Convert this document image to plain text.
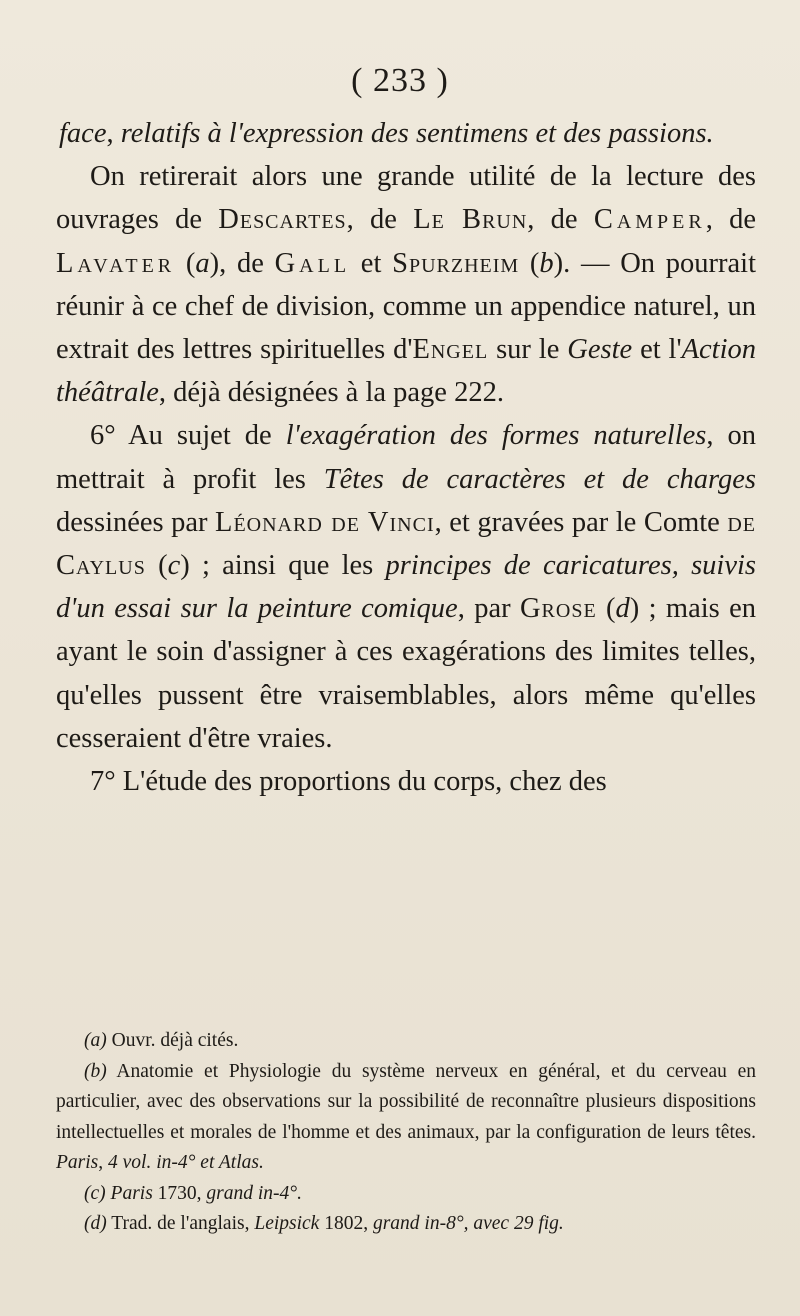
( 233 )

face, relatifs à l'expression des sentimens et des passions.

On retirerait alors une grande utilité de la lecture des ouvrages de Descartes, de Le Brun, de Camper, de Lavater (a), de Gall et Spurzheim (b). — On pourrait réunir à ce chef de division, comme un appendice naturel, un extrait des lettres spirituelles d'Engel sur le Geste et l'Action théâtrale, déjà désignées à la page 222.

6° Au sujet de l'exagération des formes naturelles, on mettrait à profit les Têtes de caractères et de charges dessinées par Léonard de Vinci, et gravées par le Comte de Caylus (c) ; ainsi que les principes de caricatures, suivis d'un essai sur la peinture comique, par Grose (d) ; mais en ayant le soin d'assigner à ces exagérations des limites telles, qu'elles pussent être vraisemblables, alors même qu'elles cesseraient d'être vraies.

7° L'étude des proportions du corps, chez des

(a) Ouvr. déjà cités.

(b) Anatomie et Physiologie du système nerveux en général, et du cerveau en particulier, avec des observations sur la possibilité de reconnaître plusieurs dispositions intellectuelles et morales de l'homme et des animaux, par la configuration de leurs têtes. Paris, 4 vol. in-4° et Atlas.

(c) Paris 1730, grand in-4°.

(d) Trad. de l'anglais, Leipsick 1802, grand in-8°, avec 29 fig.
